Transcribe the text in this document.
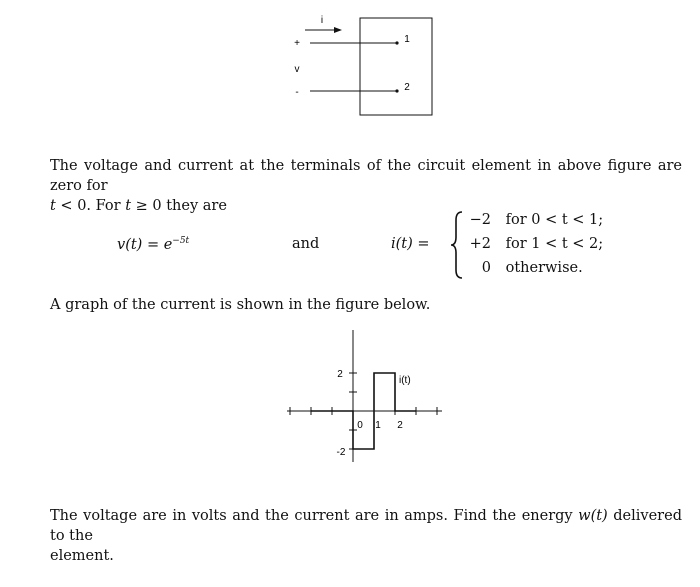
i
+
v
-
1
2
The voltage and current at the terminals of the circuit element in above figure are zero for
t < 0. For t ≥ 0 they are
$v(t) = e^{-5t}$	and	i(t) =
−2 for 0 < t < 1;
+2 for 1 < t < 2;
0 otherwise.
A graph of the current is shown in the figure below.
i(t)
2
-2
0 1 2
The voltage are in volts and the current are in amps. Find the energy w(t) delivered to the
element.
